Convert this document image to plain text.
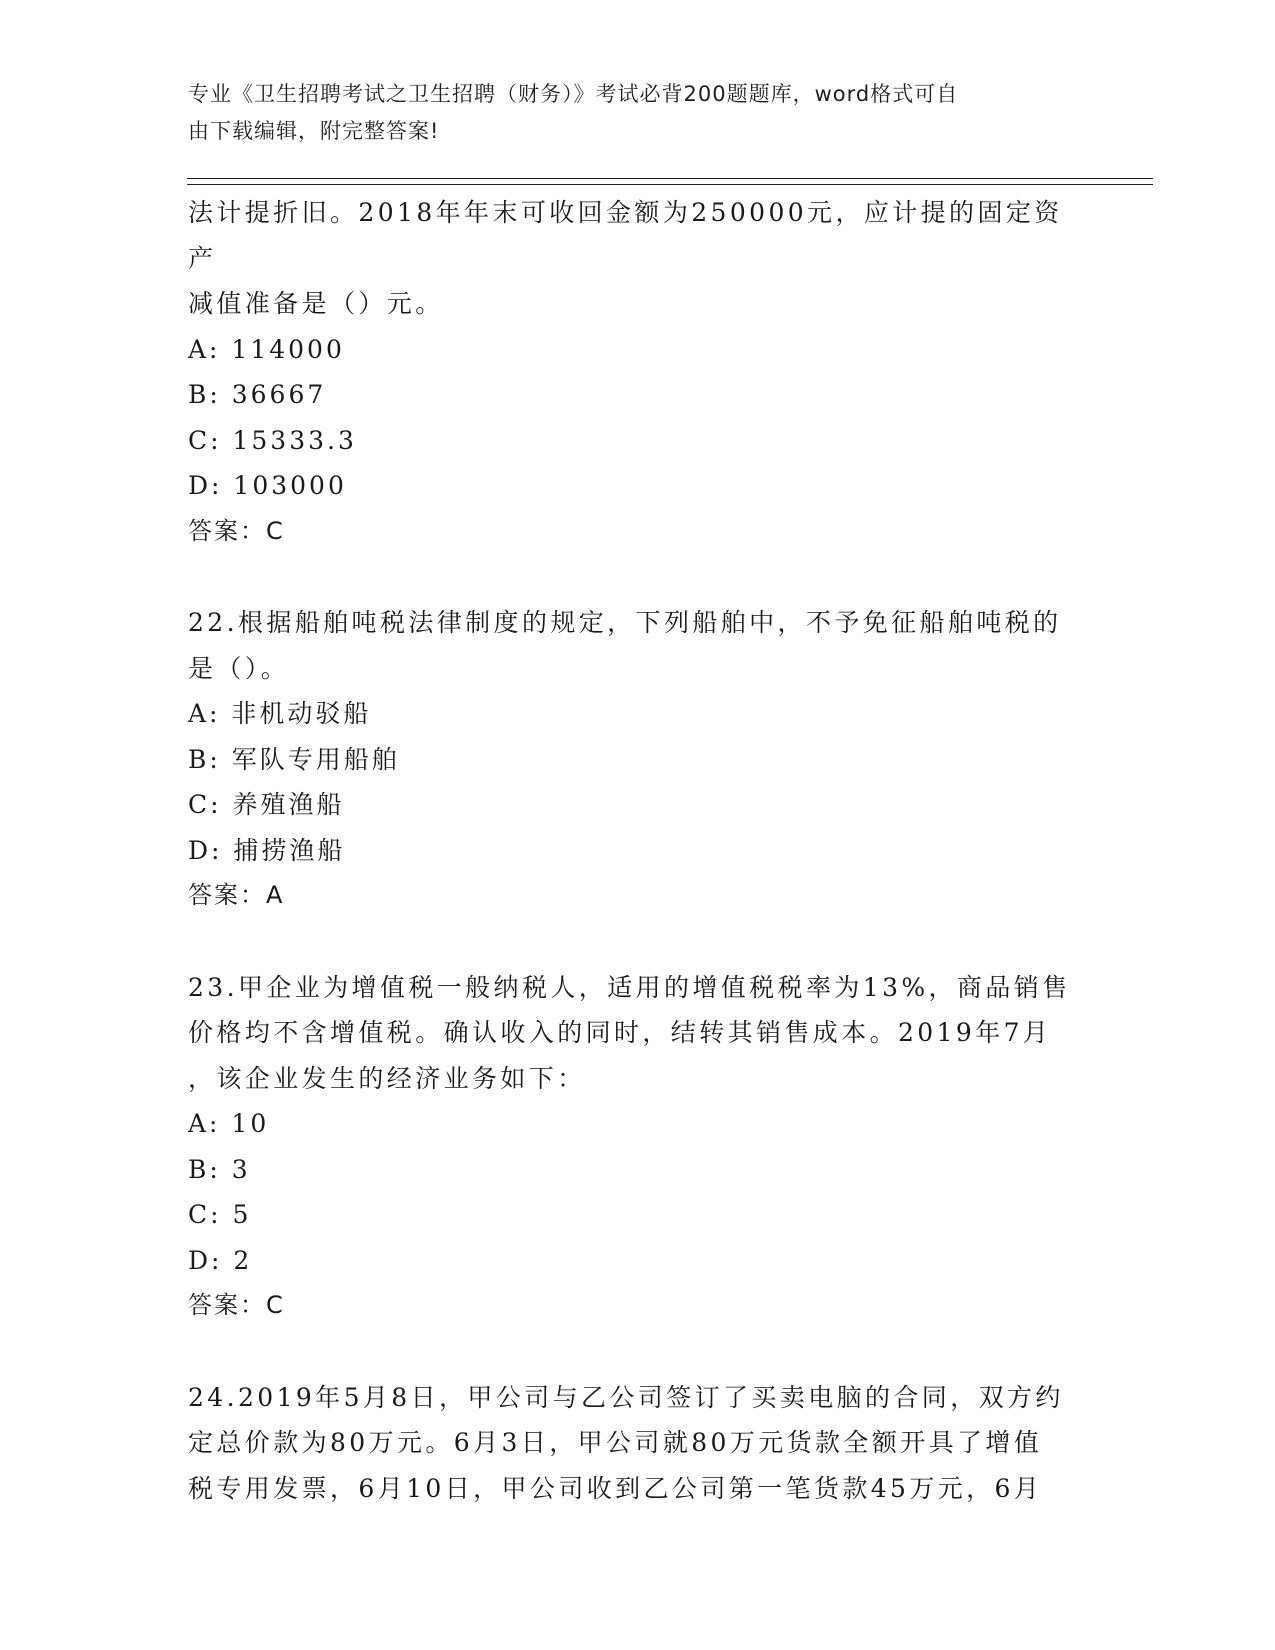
专业《卫生招聘考试之卫生招聘（财务）》考试必背200题题库，word格式可自
由下载编辑，附完整答案!

法计提折旧。2018年年末可收回金额为250000元，应计提的固定资产

减值准备是（）元。

A: 114000

B: 36667

C: 15333.3

D: 103000

答案：C

22.根据船舶吨税法律制度的规定，下列船舶中，不予免征船舶吨税的

是（）。

A: 非机动驳船

B: 军队专用船舶

C: 养殖渔船

D: 捕捞渔船

答案：A

23.甲企业为增值税一般纳税人，适用的增值税税率为13%，商品销售

价格均不含增值税。确认收入的同时，结转其销售成本。2019年7月

，该企业发生的经济业务如下：

A: 10

B: 3

C: 5

D: 2

答案：C

24.2019年5月8日，甲公司与乙公司签订了买卖电脑的合同，双方约

定总价款为80万元。6月3日，甲公司就80万元货款全额开具了增值

税专用发票，6月10日，甲公司收到乙公司第一笔货款45万元，6月
